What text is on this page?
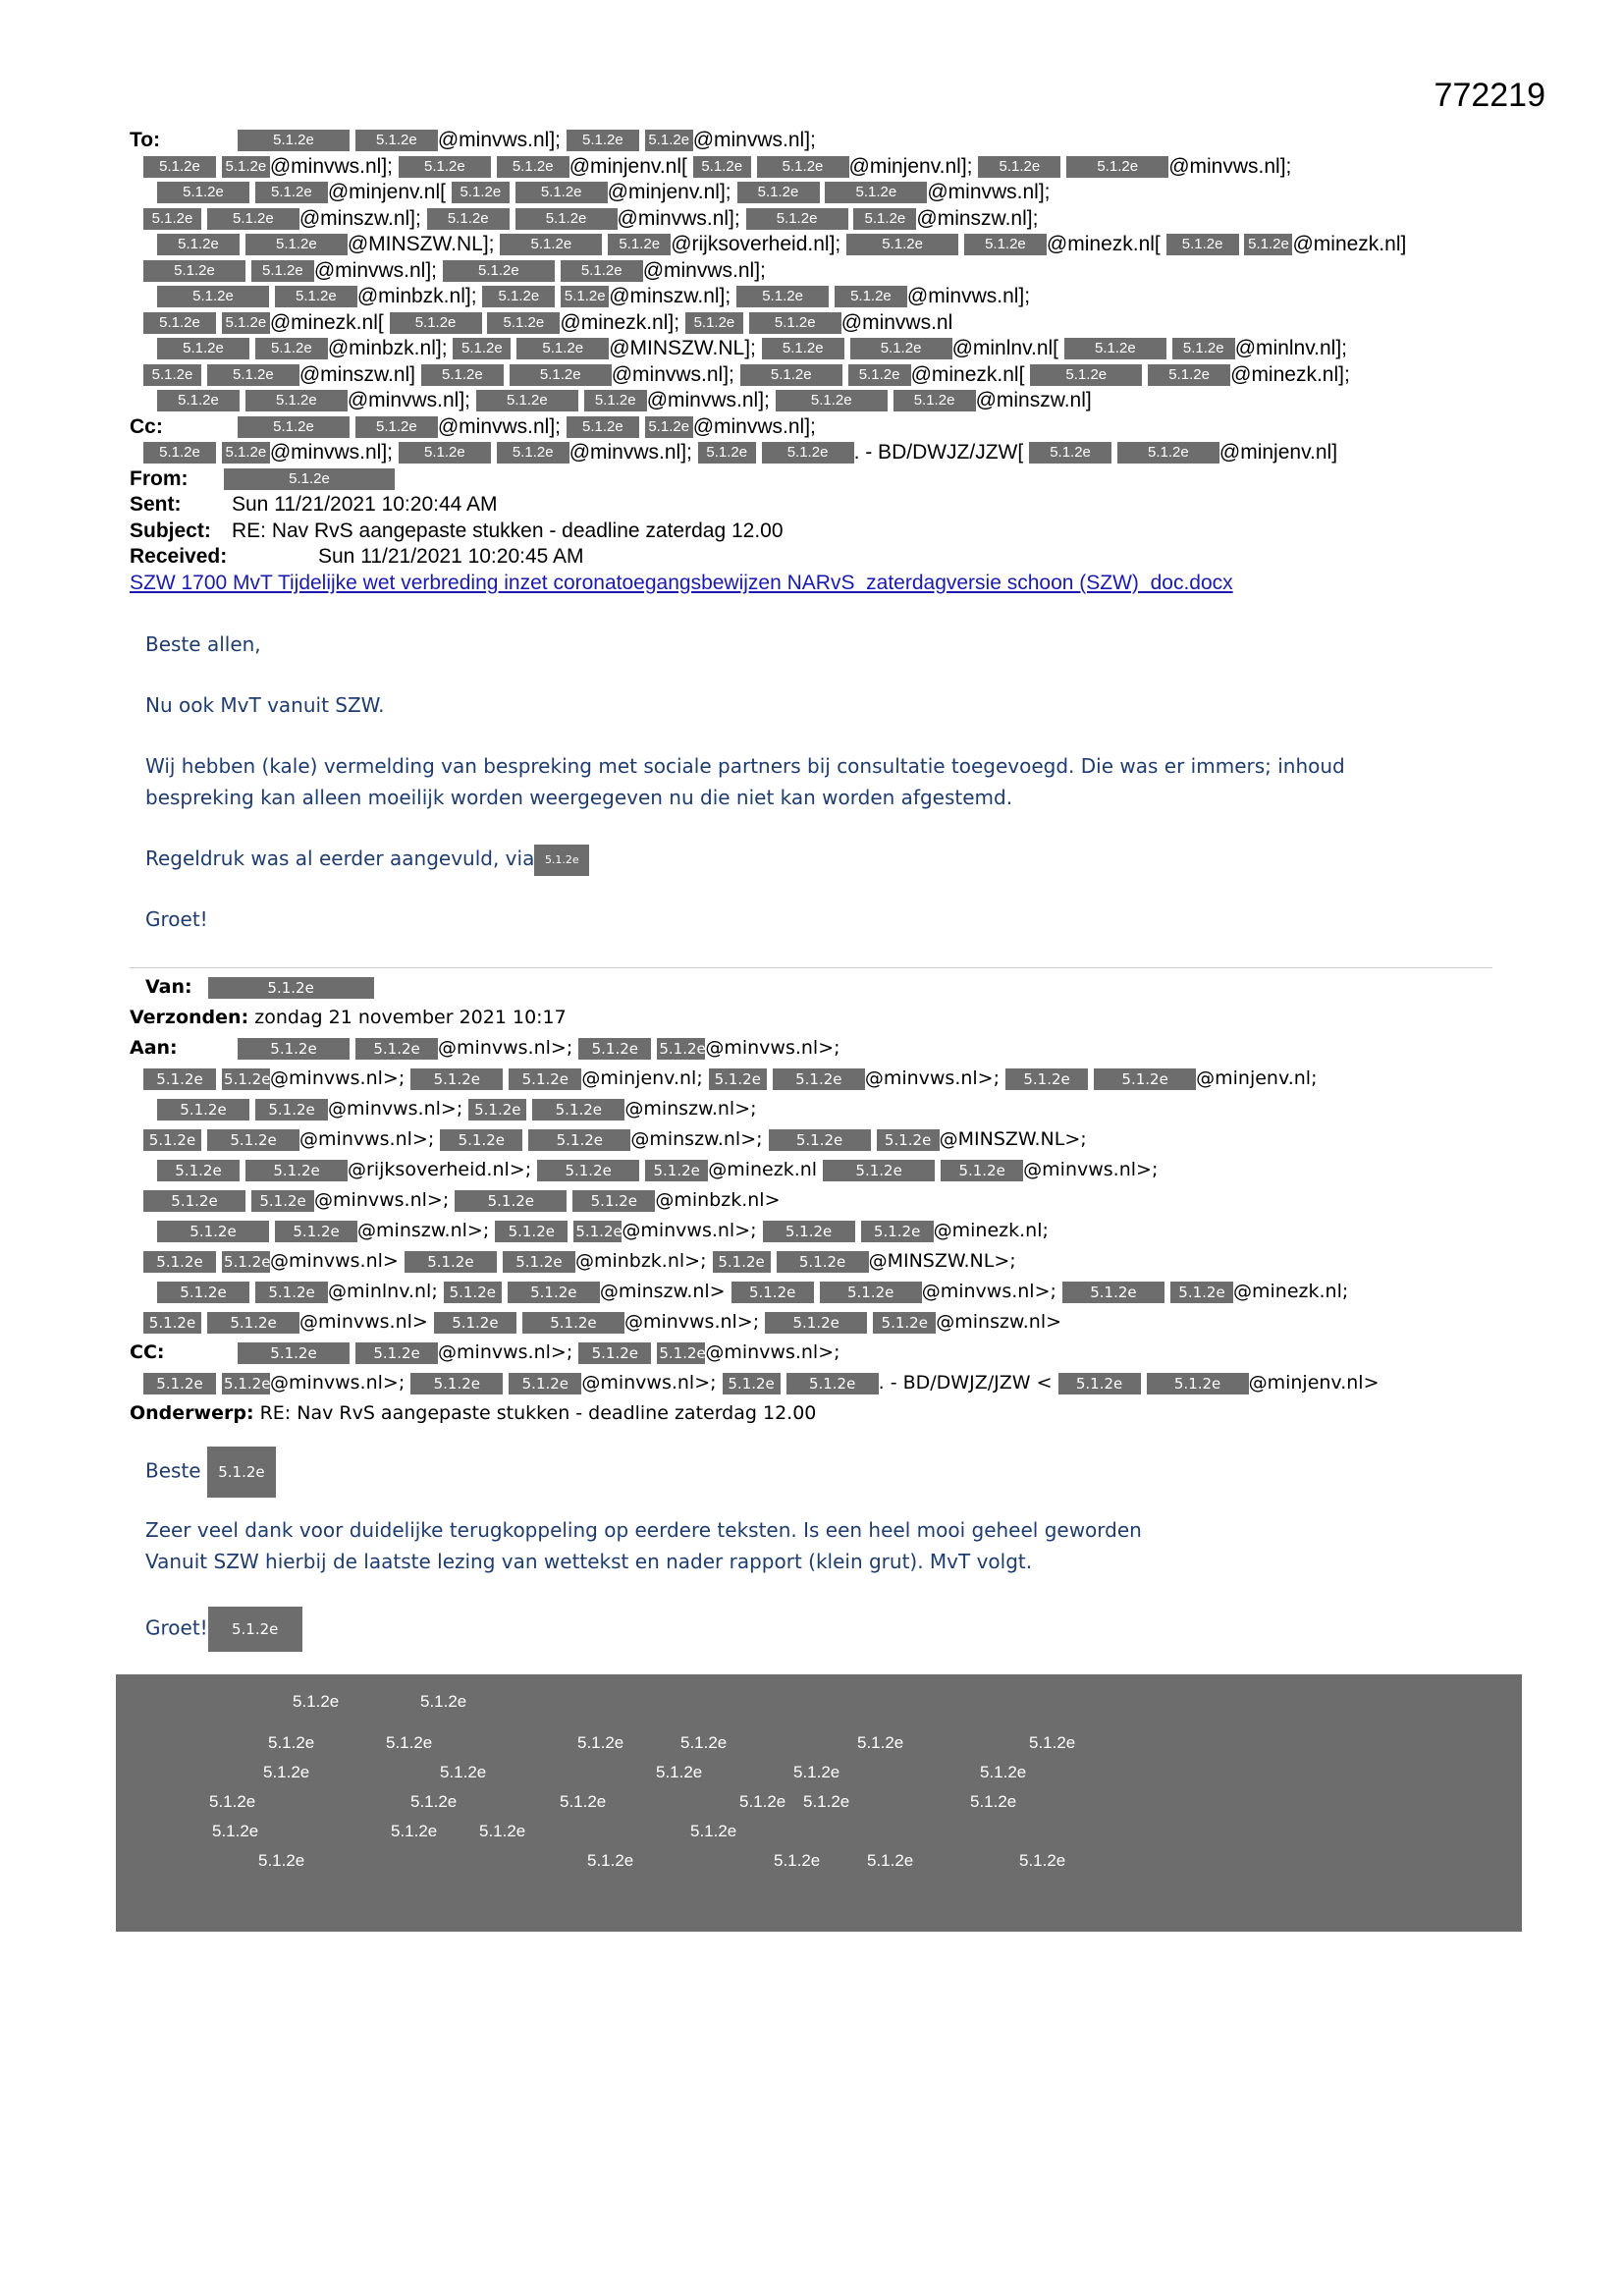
772219
To:	5.1.2e	5.1.2e @minvws.nl]; 5.1.2e 5.1.2e @minvws.nl];
5.1.2e 5.1.2e @minvws.nl]; 5.1.2e	5.1.2e @minjenv.nl[ 5.1.2e	5.1.2e @minjenv.nl]; 5.1.2e	5.1.2e @minvws.nl];
5.1.2e	5.1.2e @minjenv.nl[ 5.1.2e	5.1.2e @minjenv.nl]; 5.1.2e	5.1.2e @minvws.nl];
5.1.2e	5.1.2e @minszw.nl]; 5.1.2e	5.1.2e @minvws.nl]; 5.1.2e	5.1.2e @minszw.nl];
5.1.2e	5.1.2e @MINSZW.NL]; 5.1.2e	5.1.2e @rijksoverheid.nl];	5.1.2e	5.1.2e @minezk.nl[ 5.1.2e 5.1.2e @minezk.nl]
5.1.2e	5.1.2e @minvws.nl];	5.1.2e	5.1.2e @minvws.nl];
5.1.2e	5.1.2e @minbzk.nl]; 5.1.2e 5.1.2e @minszw.nl]; 5.1.2e	5.1.2e @minvws.nl];
5.1.2e 5.1.2e @minezk.nl[ 5.1.2e	5.1.2e @minezk.nl]; 5.1.2e	5.1.2e @minvws.nl
5.1.2e	5.1.2e @minbzk.nl]; 5.1.2e	5.1.2e @MINSZW.NL]; 5.1.2e	5.1.2e @minlnv.nl[ 5.1.2e	5.1.2e @minlnv.nl];
5.1.2e	5.1.2e @minszw.nl] 5.1.2e	5.1.2e @minvws.nl]; 5.1.2e	5.1.2e @minezk.nl[	5.1.2e	5.1.2e @minezk.nl];
5.1.2e	5.1.2e @minvws.nl]; 5.1.2e	5.1.2e @minvws.nl];	5.1.2e	5.1.2e @minszw.nl]
Cc:	5.1.2e	5.1.2e @minvws.nl]; 5.1.2e 5.1.2e @minvws.nl];
5.1.2e 5.1.2e @minvws.nl]; 5.1.2e	5.1.2e @minvws.nl]; 5.1.2e	5.1.2e . - BD/DWJZ/JZW[ 5.1.2e	5.1.2e @minjenv.nl]
From:	5.1.2e
Sent: Sun 11/21/2021 10:20:44 AM
Subject: RE: Nav RvS aangepaste stukken - deadline zaterdag 12.00
Received:	Sun 11/21/2021 10:20:45 AM
SZW 1700 MvT Tijdelijke wet verbreding inzet coronatoegangsbewijzen NARvS_zaterdagversie schoon (SZW)_doc.docx
Beste allen,
Nu ook MvT vanuit SZW.
Wij hebben (kale) vermelding van bespreking met sociale partners bij consultatie toegevoegd. Die was er immers; inhoud
bespreking kan alleen moeilijk worden weergegeven nu die niet kan worden afgestemd.
Regeldruk was al eerder aangevuld, via 5.1.2e
Groet!
Van:	5.1.2e
Verzonden: zondag 21 november 2021 10:17
Aan:	5.1.2e	5.1.2e @minvws.nl>; 5.1.2e 5.1.2e@minvws.nl>;
5.1.2e 5.1.2e@minvws.nl>; 5.1.2e	5.1.2e @minjenv.nl; 5.1.2e 5.1.2e @minvws.nl>; 5.1.2e	5.1.2e @minjenv.nl;
5.1.2e	5.1.2e @minvws.nl>; 5.1.2e 5.1.2e @minszw.nl>;
5.1.2e 5.1.2e @minvws.nl>; 5.1.2e	5.1.2e @minszw.nl>; 5.1.2e	5.1.2e @MINSZW.NL>;
5.1.2e	5.1.2e @rijksoverheid.nl>; 5.1.2e	5.1.2e @minezk.nl	5.1.2e	5.1.2e @minvws.nl>;
5.1.2e	5.1.2e @minvws.nl>;	5.1.2e	5.1.2e @minbzk.nl>
5.1.2e	5.1.2e @minszw.nl>; 5.1.2e 5.1.2e@minvws.nl>; 5.1.2e	5.1.2e @minezk.nl;
5.1.2e 5.1.2e@minvws.nl> 5.1.2e	5.1.2e @minbzk.nl>; 5.1.2e 5.1.2e @MINSZW.NL>;
5.1.2e	5.1.2e @minlnv.nl; 5.1.2e 5.1.2e @minszw.nl> 5.1.2e	5.1.2e @minvws.nl>; 5.1.2e	5.1.2e @minezk.nl;
5.1.2e 5.1.2e @minvws.nl> 5.1.2e	5.1.2e @minvws.nl>; 5.1.2e	5.1.2e @minszw.nl>
CC:	5.1.2e	5.1.2e @minvws.nl>; 5.1.2e 5.1.2e@minvws.nl>;
5.1.2e 5.1.2e@minvws.nl>; 5.1.2e	5.1.2e @minvws.nl>; 5.1.2e 5.1.2e . - BD/DWJZ/JZW < 5.1.2e	5.1.2e @minjenv.nl>
Onderwerp: RE: Nav RvS aangepaste stukken - deadline zaterdag 12.00
Beste 5.1.2e
Zeer veel dank voor duidelijke terugkoppeling op eerdere teksten. Is een heel mooi geheel geworden
Vanuit SZW hierbij de laatste lezing van wettekst en nader rapport (klein grut). MvT volgt.
Groet! 5.1.2e
5.1.2e	5.1.2e
5.1.2e	5.1.2e	5.1.2e	5.1.2e	5.1.2e	5.1.2e
5.1.2e	5.1.2e	5.1.2e	5.1.2e	5.1.2e
5.1.2e	5.1.2e	5.1.2e	5.1.2e 5.1.2e	5.1.2e
5.1.2e	5.1.2e	5.1.2e	5.1.2e
5.1.2e	5.1.2e	5.1.2e	5.1.2e	5.1.2e
